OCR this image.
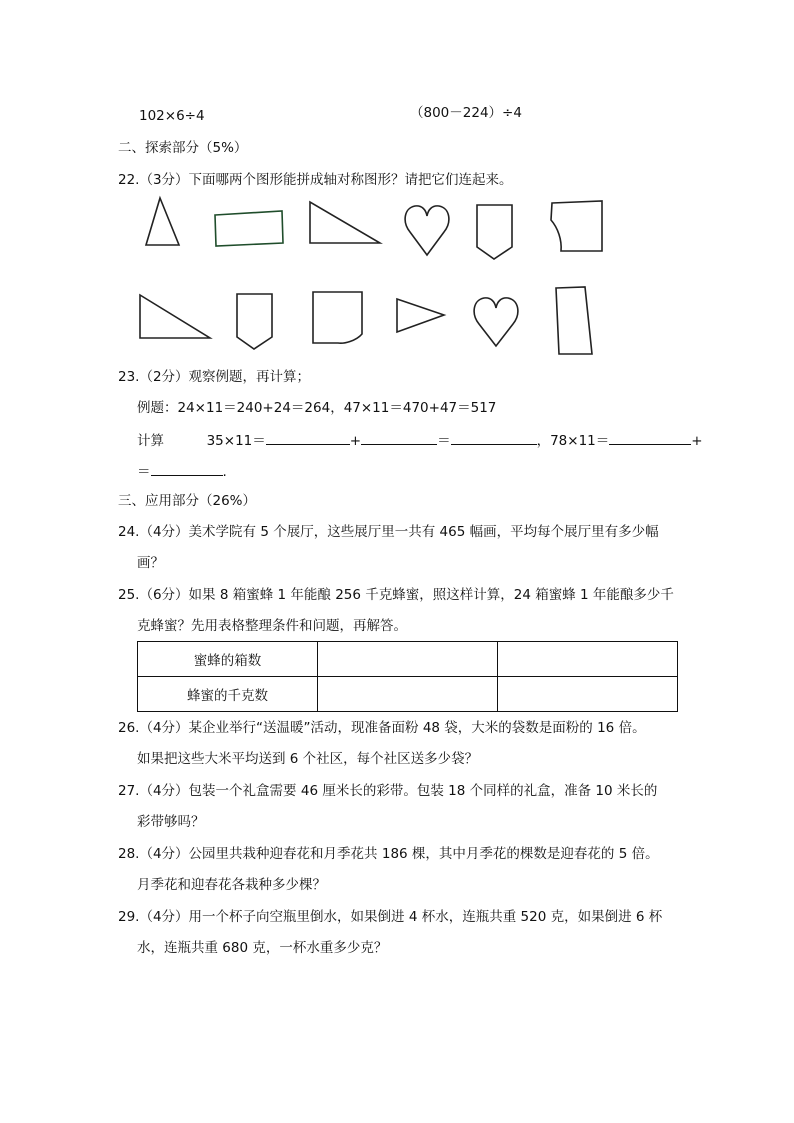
102×6÷4	（800－224）÷4
二、探索部分（5%）
22.（3分）下面哪两个图形能拼成轴对称图形？请把它们连起来。
23.（2分）观察例题，再计算；
例题：24×11＝240+24＝264，47×11＝470+47＝517
计算	35×11＝	+	＝	，78×11＝	+
＝	.
三、应用部分（26%）
24.（4分）美术学院有 5 个展厅，这些展厅里一共有 465 幅画，平均每个展厅里有多少幅
画？
25.（6分）如果 8 箱蜜蜂 1 年能酿 256 千克蜂蜜，照这样计算，24 箱蜜蜂 1 年能酿多少千
克蜂蜜？先用表格整理条件和问题，再解答。
蜜蜂的箱数		
蜂蜜的千克数		
26.（4分）某企业举行“送温暖”活动，现准备面粉 48 袋，大米的袋数是面粉的 16 倍。
如果把这些大米平均送到 6 个社区，每个社区送多少袋？
27.（4分）包装一个礼盒需要 46 厘米长的彩带。包装 18 个同样的礼盒，准备 10 米长的
彩带够吗？
28.（4分）公园里共栽种迎春花和月季花共 186 棵，其中月季花的棵数是迎春花的 5 倍。
月季花和迎春花各栽种多少棵？
29.（4分）用一个杯子向空瓶里倒水，如果倒进 4 杯水，连瓶共重 520 克，如果倒进 6 杯
水，连瓶共重 680 克，一杯水重多少克？
